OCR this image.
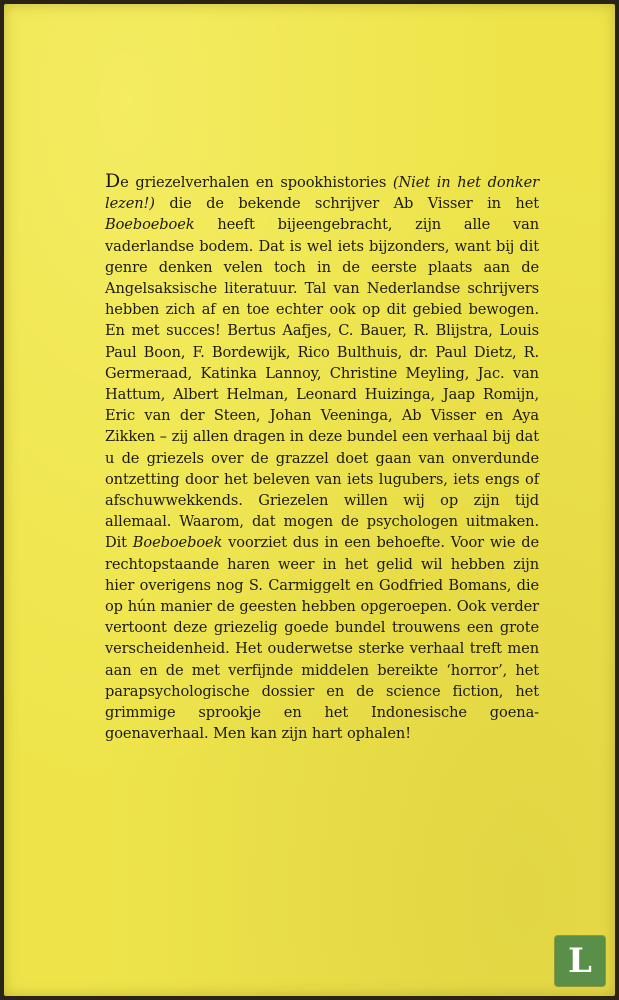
De griezelverhalen en spookhistories (Niet in het donker lezen!) die de bekende schrijver Ab Visser in het Boeboeboek heeft bijeengebracht, zijn alle van vaderlandse bodem. Dat is wel iets bijzonders, want bij dit genre denken velen toch in de eerste plaats aan de Angelsaksische literatuur. Tal van Nederlandse schrijvers hebben zich af en toe echter ook op dit gebied bewogen. En met succes! Bertus Aafjes, C. Bauer, R. Blijstra, Louis Paul Boon, F. Bordewijk, Rico Bulthuis, dr. Paul Dietz, R. Germeraad, Katinka Lannoy, Christine Meyling, Jac. van Hattum, Albert Helman, Leonard Huizinga, Jaap Romijn, Eric van der Steen, Johan Veeninga, Ab Visser en Aya Zikken – zij allen dragen in deze bundel een verhaal bij dat u de griezels over de grazzel doet gaan van onverdunde ontzetting door het beleven van iets lugubers, iets engs of afschuwwekkends. Griezelen willen wij op zijn tijd allemaal. Waarom, dat mogen de psychologen uitmaken. Dit Boeboeboek voorziet dus in een behoefte. Voor wie de rechtopstaande haren weer in het gelid wil hebben zijn hier overigens nog S. Carmiggelt en Godfried Bomans, die op hún manier de geesten hebben opgeroepen. Ook verder vertoont deze griezelig goede bundel trouwens een grote verscheidenheid. Het ouderwetse sterke verhaal treft men aan en de met verfijnde middelen bereikte ‘horror’, het parapsychologische dossier en de science fiction, het grimmige sprookje en het Indonesische goena-goenaverhaal. Men kan zijn hart ophalen!

L
